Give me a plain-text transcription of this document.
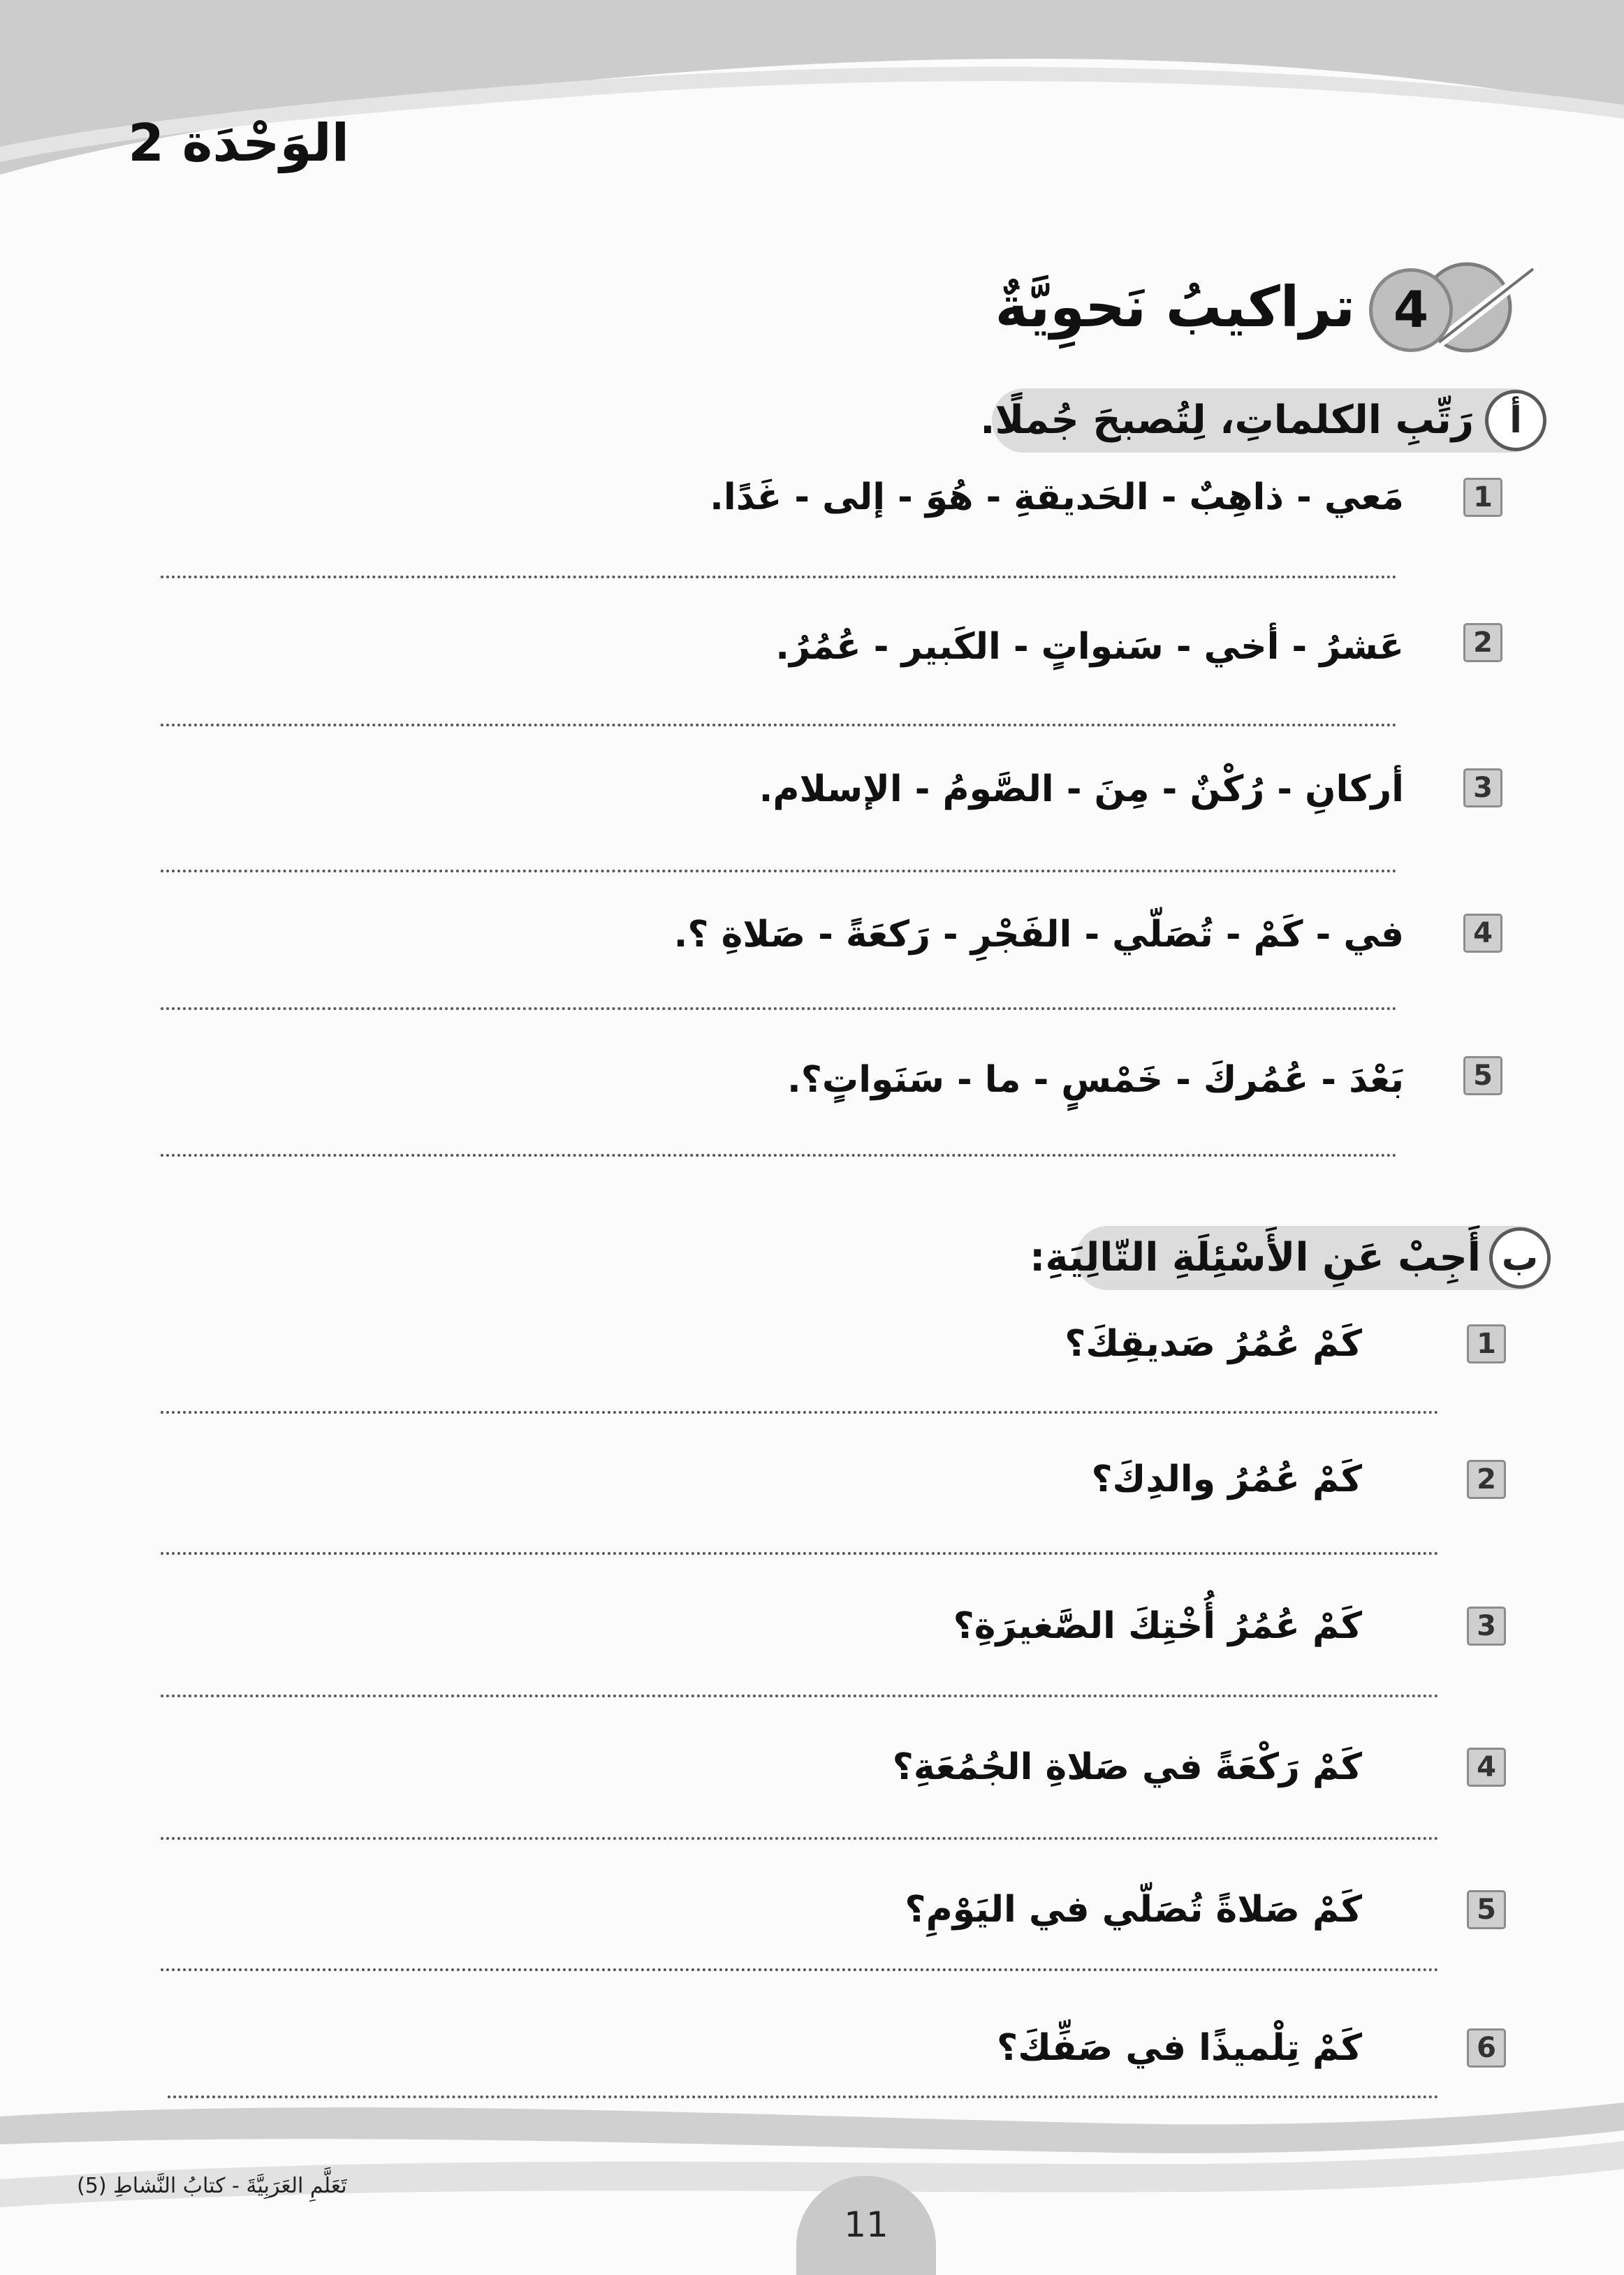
الوَحْدَة 2
4
تراكيبُ نَحوِيَّةٌ
أ
رَتِّبِ الكلماتِ، لِتُصبحَ جُملًا.
1
مَعي - ذاهِبٌ - الحَديقةِ - هُوَ - إلى - غَدًا.
2
عَشرُ - أخي - سَنواتٍ - الكَبير - عُمُرُ.
3
أركانِ - رُكْنٌ - مِنَ - الصَّومُ - الإسلام.
4
في - كَمْ - تُصَلّي - الفَجْرِ - رَكعَةً - صَلاةِ ؟.
5
بَعْدَ - عُمُركَ - خَمْسٍ - ما - سَنَواتٍ؟.
ب
أَجِبْ عَنِ الأَسْئِلَةِ التّالِيَةِ:
1
كَمْ عُمُرُ صَديقِكَ؟
2
كَمْ عُمُرُ والدِكَ؟
3
كَمْ عُمُرُ أُخْتِكَ الصَّغيرَةِ؟
4
كَمْ رَكْعَةً في صَلاةِ الجُمُعَةِ؟
5
كَمْ صَلاةً تُصَلّي في اليَوْمِ؟
6
كَمْ تِلْميذًا في صَفِّكَ؟
تَعَلَّمِ العَرَبِيَّةَ - كتابُ النَّشاطِ (5)
11
